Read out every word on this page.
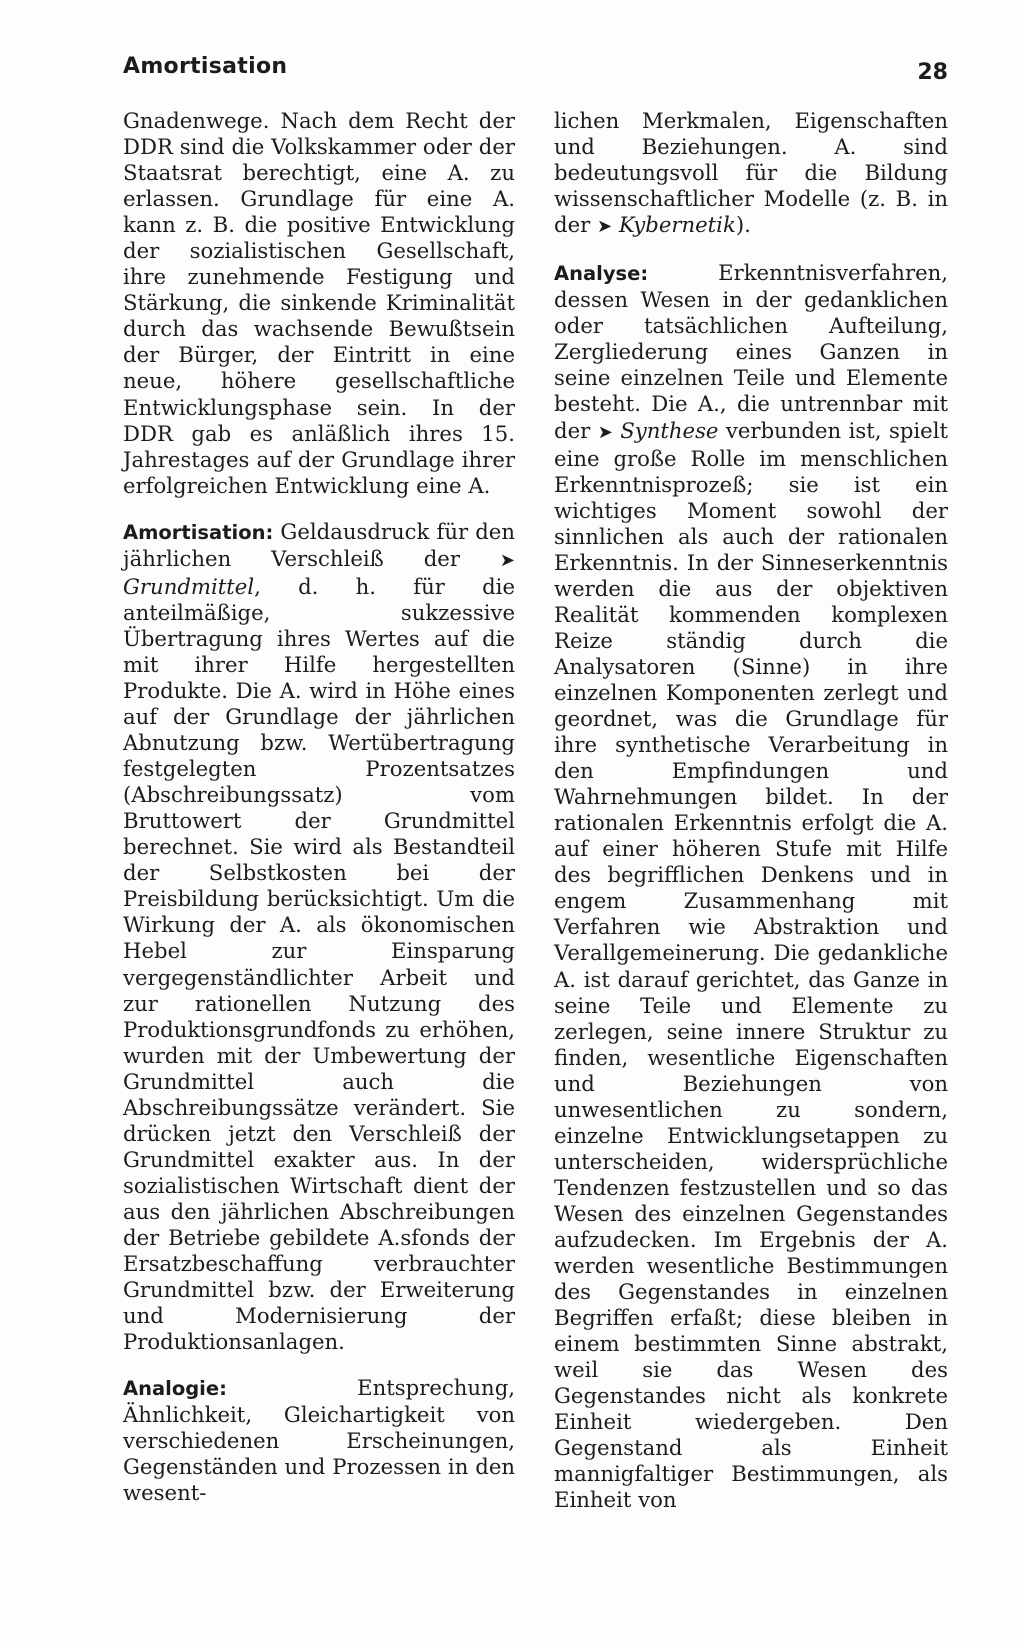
Amortisation	28

Gnadenwege. Nach dem Recht der DDR sind die Volkskammer oder der Staatsrat berechtigt, eine A. zu erlassen. Grundlage für eine A. kann z. B. die positive Entwicklung der sozialistischen Gesellschaft, ihre zunehmende Festigung und Stärkung, die sinkende Kriminalität durch das wachsende Bewußtsein der Bürger, der Eintritt in eine neue, höhere gesellschaftliche Entwicklungsphase sein. In der DDR gab es anläßlich ihres 15. Jahrestages auf der Grundlage ihrer erfolgreichen Entwicklung eine A.

Amortisation: Geldausdruck für den jährlichen Verschleiß der ➤ Grundmittel, d. h. für die anteilmäßige, sukzessive Übertragung ihres Wertes auf die mit ihrer Hilfe hergestellten Produkte. Die A. wird in Höhe eines auf der Grundlage der jährlichen Abnutzung bzw. Wertübertragung festgelegten Prozentsatzes (Abschreibungssatz) vom Bruttowert der Grundmittel berechnet. Sie wird als Bestandteil der Selbstkosten bei der Preisbildung berücksichtigt. Um die Wirkung der A. als ökonomischen Hebel zur Einsparung vergegenständlichter Arbeit und zur rationellen Nutzung des Produktionsgrundfonds zu erhöhen, wurden mit der Umbewertung der Grundmittel auch die Abschreibungssätze verändert. Sie drücken jetzt den Verschleiß der Grundmittel exakter aus. In der sozialistischen Wirtschaft dient der aus den jährlichen Abschreibungen der Betriebe gebildete A.sfonds der Ersatzbeschaffung verbrauchter Grundmittel bzw. der Erweiterung und Modernisierung der Produktionsanlagen.

Analogie: Entsprechung, Ähnlichkeit, Gleichartigkeit von verschiedenen Erscheinungen, Gegenständen und Prozessen in den wesent-

lichen Merkmalen, Eigenschaften und Beziehungen. A. sind bedeutungsvoll für die Bildung wissenschaftlicher Modelle (z. B. in der ➤ Kybernetik).

Analyse: Erkenntnisverfahren, dessen Wesen in der gedanklichen oder tatsächlichen Aufteilung, Zergliederung eines Ganzen in seine einzelnen Teile und Elemente besteht. Die A., die untrennbar mit der ➤ Synthese verbunden ist, spielt eine große Rolle im menschlichen Erkenntnisprozeß; sie ist ein wichtiges Moment sowohl der sinnlichen als auch der rationalen Erkenntnis. In der Sinneserkenntnis werden die aus der objektiven Realität kommenden komplexen Reize ständig durch die Analysatoren (Sinne) in ihre einzelnen Komponenten zerlegt und geordnet, was die Grundlage für ihre synthetische Verarbeitung in den Empfindungen und Wahrnehmungen bildet. In der rationalen Erkenntnis erfolgt die A. auf einer höheren Stufe mit Hilfe des begrifflichen Denkens und in engem Zusammenhang mit Verfahren wie Abstraktion und Verallgemeinerung. Die gedankliche A. ist darauf gerichtet, das Ganze in seine Teile und Elemente zu zerlegen, seine innere Struktur zu finden, wesentliche Eigenschaften und Beziehungen von unwesentlichen zu sondern, einzelne Entwicklungsetappen zu unterscheiden, widersprüchliche Tendenzen festzustellen und so das Wesen des einzelnen Gegenstandes aufzudecken. Im Ergebnis der A. werden wesentliche Bestimmungen des Gegenstandes in einzelnen Begriffen erfaßt; diese bleiben in einem bestimmten Sinne abstrakt, weil sie das Wesen des Gegenstandes nicht als konkrete Einheit wiedergeben. Den Gegenstand als Einheit mannigfaltiger Bestimmungen, als Einheit von
